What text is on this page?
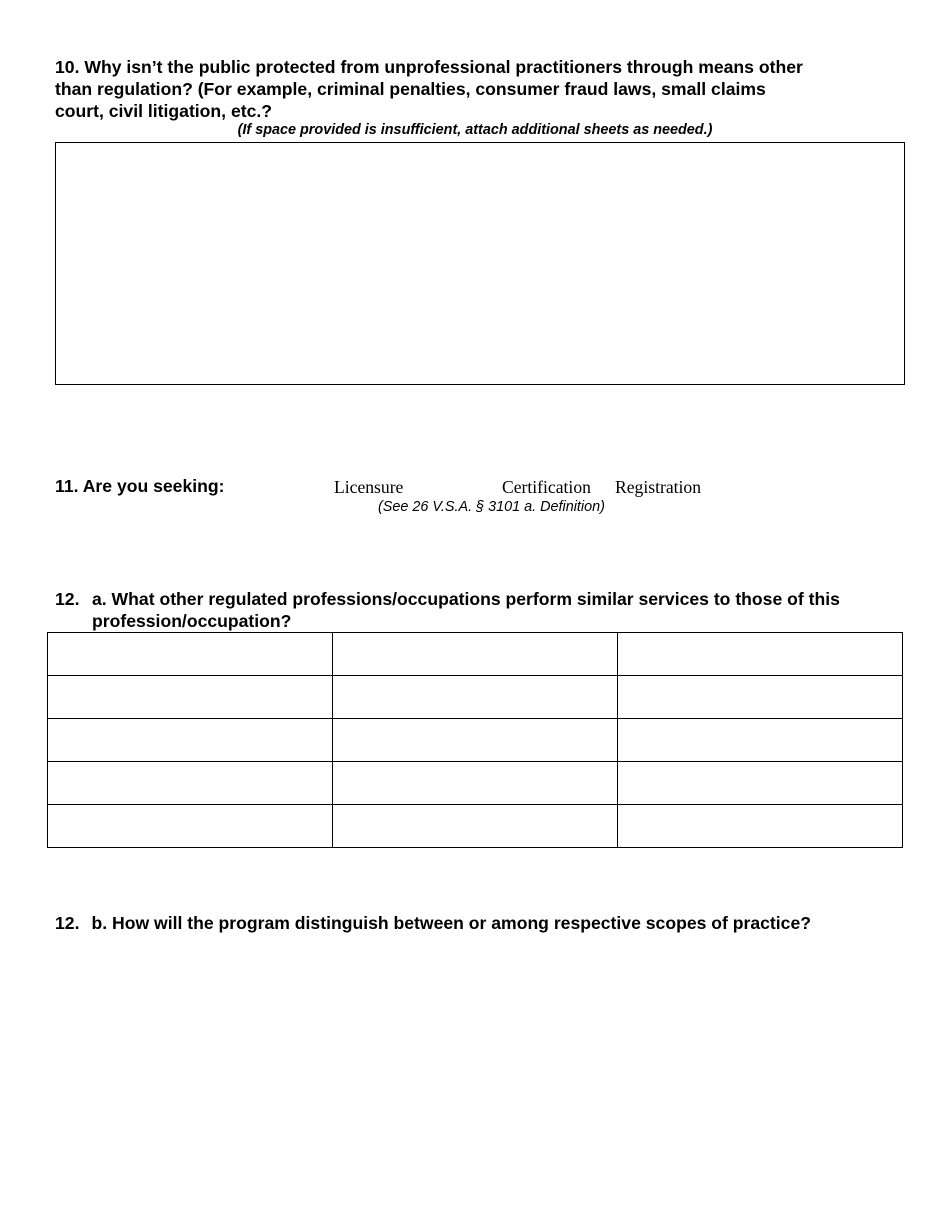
10. Why isn’t the public protected from unprofessional practitioners through means other
than regulation? (For example, criminal penalties, consumer fraud laws, small claims
court, civil litigation, etc.?
(If space provided is insufficient, attach additional sheets as needed.)
11. Are you seeking:	Licensure	Certification Registration
(See 26 V.S.A. § 3101 a. Definition)
12. a. What other regulated professions/occupations perform similar services to those of this
profession/occupation?

12. b. How will the program distinguish between or among respective scopes of practice?
